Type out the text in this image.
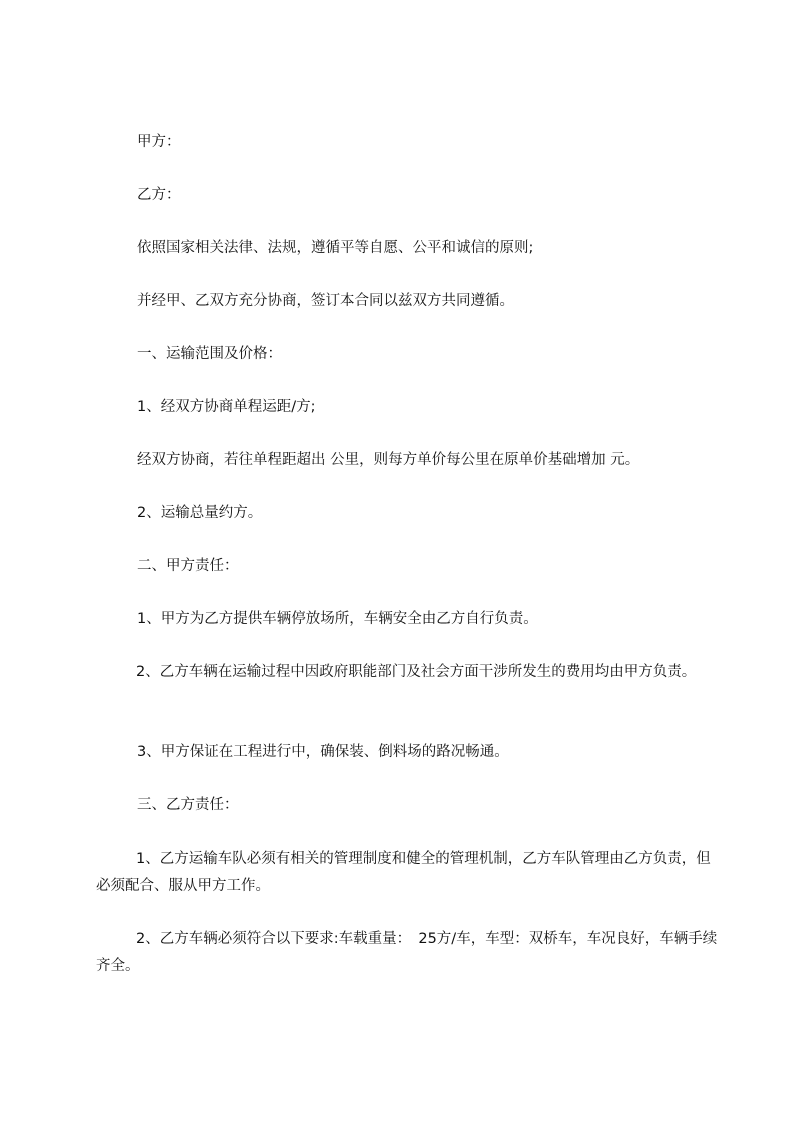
甲方：
乙方：
依照国家相关法律、法规，遵循平等自愿、公平和诚信的原则;
并经甲、乙双方充分协商，签订本合同以兹双方共同遵循。
一、运输范围及价格：
1、经双方协商单程运距/方;
经双方协商，若往单程距超出 公里，则每方单价每公里在原单价基础增加 元。
2、运输总量约方。
二、甲方责任：
1、甲方为乙方提供车辆停放场所，车辆安全由乙方自行负责。
2、乙方车辆在运输过程中因政府职能部门及社会方面干涉所发生的费用均由甲方负责。
3、甲方保证在工程进行中，确保装、倒料场的路况畅通。
三、乙方责任：
1、乙方运输车队必须有相关的管理制度和健全的管理机制，乙方车队管理由乙方负责，但必须配合、服从甲方工作。
2、乙方车辆必须符合以下要求:车载重量：　25方/车，车型：双桥车，车况良好，车辆手续齐全。
